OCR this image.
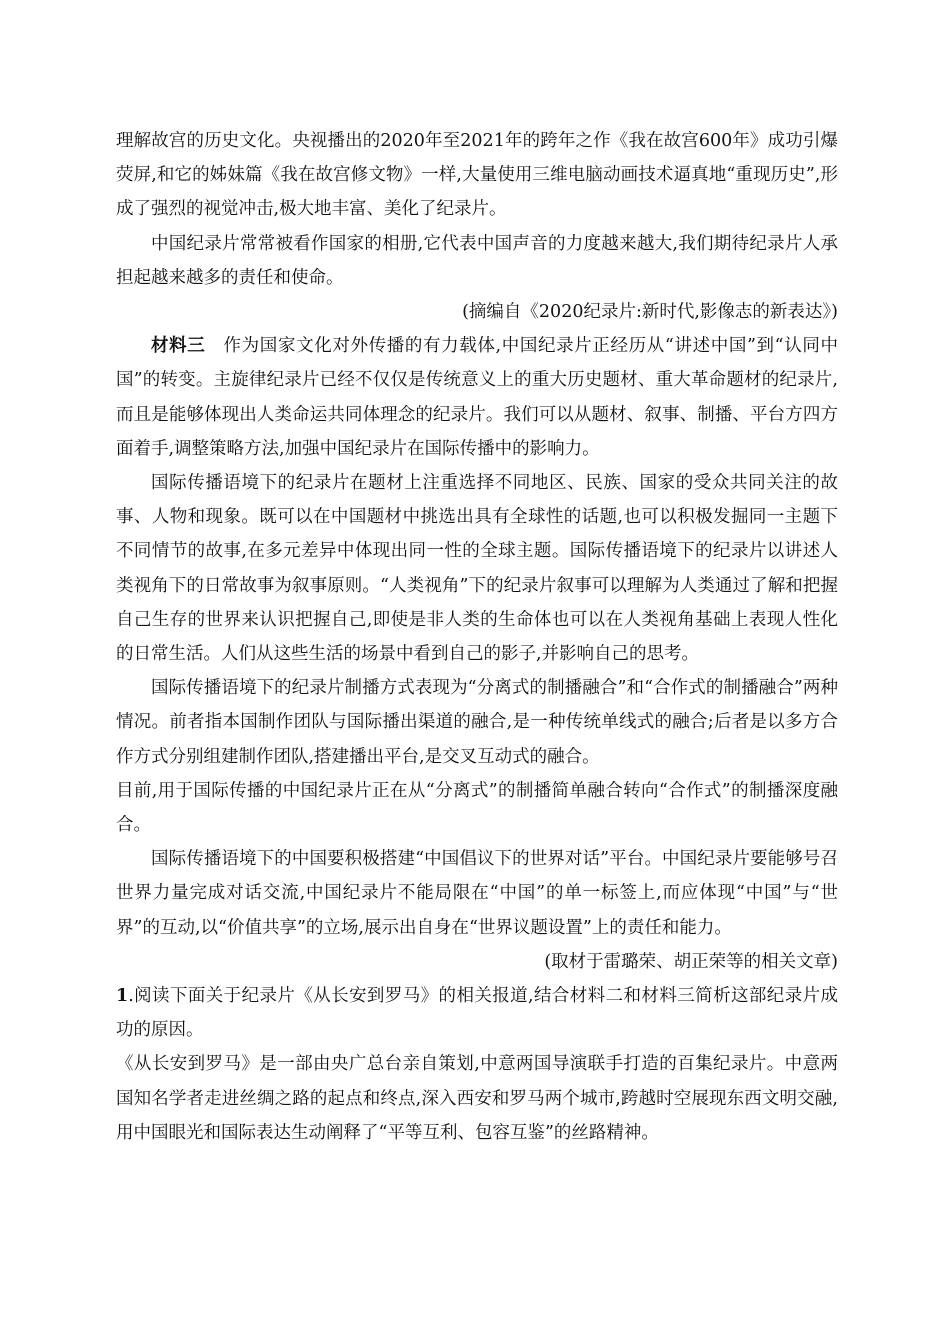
理解故宫的历史文化。央视播出的2020年至2021年的跨年之作《我在故宫600年》成功引爆荧屏,和它的姊妹篇《我在故宫修文物》一样,大量使用三维电脑动画技术逼真地“重现历史”,形成了强烈的视觉冲击,极大地丰富、美化了纪录片。

中国纪录片常常被看作国家的相册,它代表中国声音的力度越来越大,我们期待纪录片人承担起越来越多的责任和使命。

(摘编自《2020纪录片:新时代,影像志的新表达》)

材料三　 作为国家文化对外传播的有力载体,中国纪录片正经历从“讲述中国”到“认同中国”的转变。主旋律纪录片已经不仅仅是传统意义上的重大历史题材、重大革命题材的纪录片,而且是能够体现出人类命运共同体理念的纪录片。我们可以从题材、叙事、制播、平台方四方面着手,调整策略方法,加强中国纪录片在国际传播中的影响力。

国际传播语境下的纪录片在题材上注重选择不同地区、民族、国家的受众共同关注的故事、人物和现象。既可以在中国题材中挑选出具有全球性的话题,也可以积极发掘同一主题下不同情节的故事,在多元差异中体现出同一性的全球主题。国际传播语境下的纪录片以讲述人类视角下的日常故事为叙事原则。“人类视角”下的纪录片叙事可以理解为人类通过了解和把握自己生存的世界来认识把握自己,即使是非人类的生命体也可以在人类视角基础上表现人性化的日常生活。人们从这些生活的场景中看到自己的影子,并影响自己的思考。

国际传播语境下的纪录片制播方式表现为“分离式的制播融合”和“合作式的制播融合”两种情况。前者指本国制作团队与国际播出渠道的融合,是一种传统单线式的融合;后者是以多方合作方式分别组建制作团队,搭建播出平台,是交叉互动式的融合。

目前,用于国际传播的中国纪录片正在从“分离式”的制播简单融合转向“合作式”的制播深度融合。

国际传播语境下的中国要积极搭建“中国倡议下的世界对话”平台。中国纪录片要能够号召世界力量完成对话交流,中国纪录片不能局限在“中国”的单一标签上,而应体现“中国”与“世界”的互动,以“价值共享”的立场,展示出自身在“世界议题设置”上的责任和能力。

(取材于雷璐荣、胡正荣等的相关文章)

1.阅读下面关于纪录片《从长安到罗马》的相关报道,结合材料二和材料三简析这部纪录片成功的原因。

《从长安到罗马》是一部由央广总台亲自策划,中意两国导演联手打造的百集纪录片。中意两国知名学者走进丝绸之路的起点和终点,深入西安和罗马两个城市,跨越时空展现东西文明交融,用中国眼光和国际表达生动阐释了“平等互利、包容互鉴”的丝路精神。
